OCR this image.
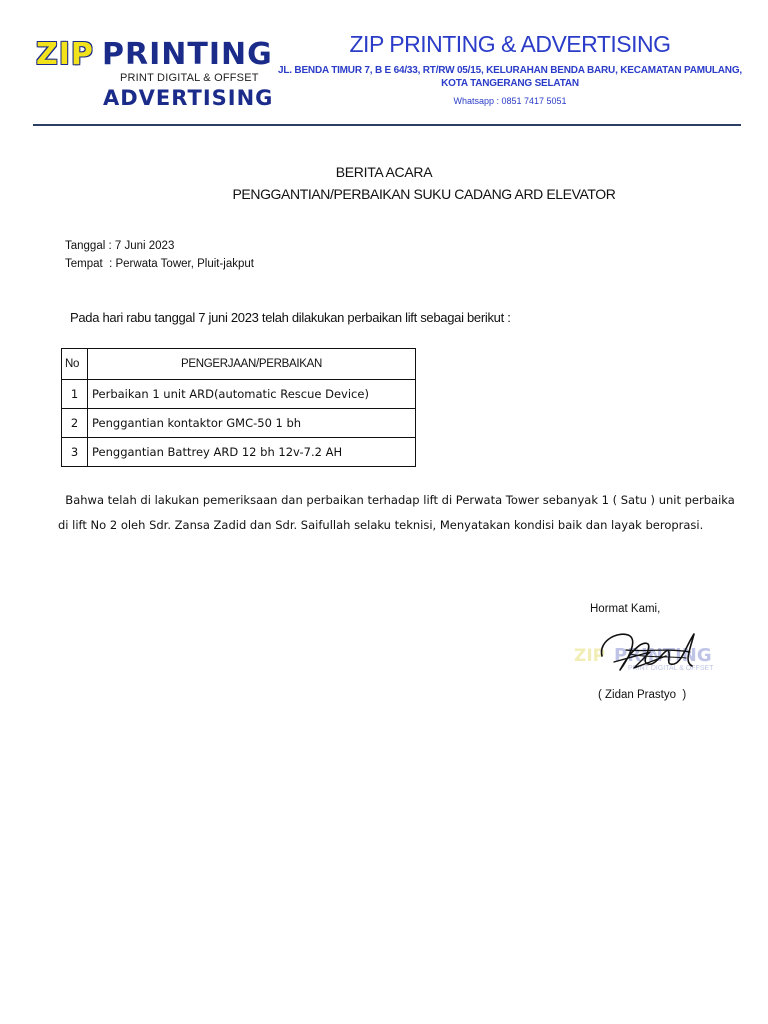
ZIP PRINTING
PRINT DIGITAL & OFFSET
ADVERTISING
ZIP PRINTING & ADVERTISING
JL. BENDA TIMUR 7, B E 64/33, RT/RW 05/15, KELURAHAN BENDA BARU, KECAMATAN PAMULANG,
KOTA TANGERANG SELATAN
Whatsapp : 0851 7417 5051
BERITA ACARA
PENGGANTIAN/PERBAIKAN SUKU CADANG ARD ELEVATOR
Tanggal : 7 Juni 2023
Tempat  : Perwata Tower, Pluit-jakput
Pada hari rabu tanggal 7 juni 2023 telah dilakukan perbaikan lift sebagai berikut :
No	PENGERJAAN/PERBAIKAN
1	Perbaikan 1 unit ARD(automatic Rescue Device)
2	Penggantian kontaktor GMC-50 1 bh
3	Penggantian Battrey ARD 12 bh 12v-7.2 AH
Bahwa telah di lakukan pemeriksaan dan perbaikan terhadap lift di Perwata Tower sebanyak 1 ( Satu ) unit perbaika
di lift No 2 oleh Sdr. Zansa Zadid dan Sdr. Saifullah selaku teknisi, Menyatakan kondisi baik dan layak beroprasi.
Hormat Kami,
ZIP PRINTING
PRINT DIGITAL & OFFSET
( Zidan Prastyo  )
